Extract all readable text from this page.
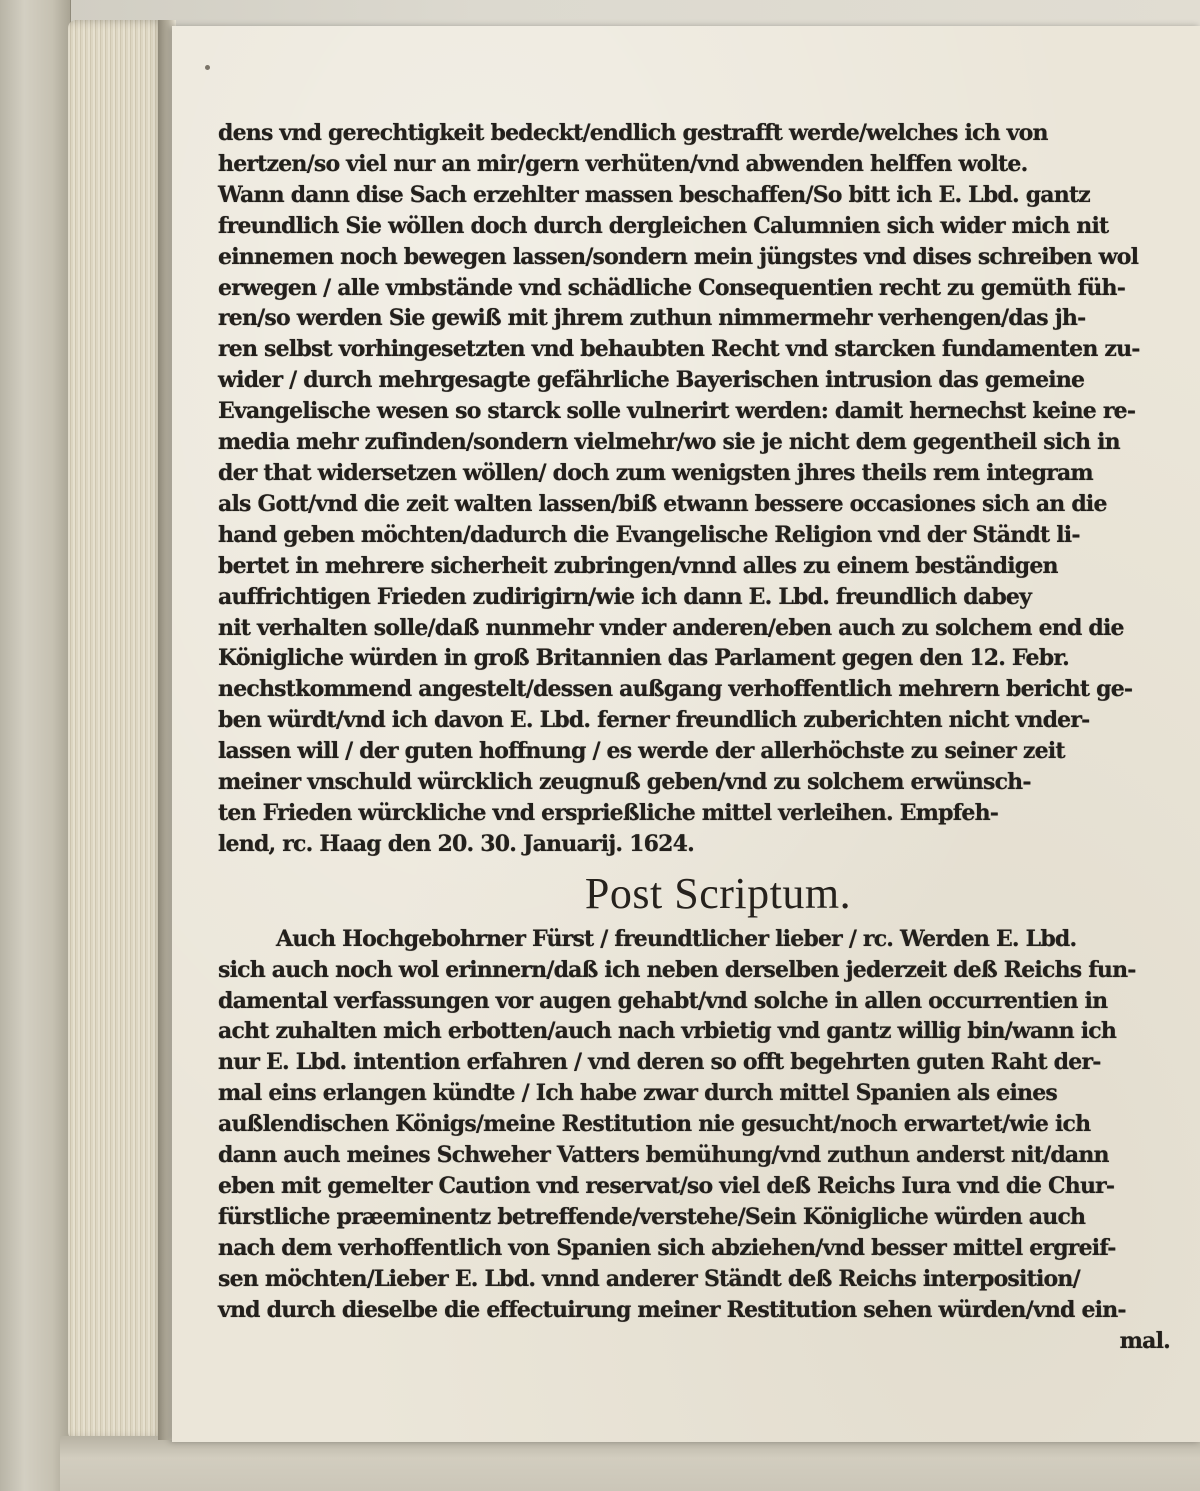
dens vnd gerechtigkeit bedeckt/endlich gestrafft werde/welches ich von
hertzen/so viel nur an mir/gern verhüten/vnd abwenden helffen wolte.
Wann dann dise Sach erzehlter massen beschaffen/So bitt ich E. Lbd. gantz
freundlich Sie wöllen doch durch dergleichen Calumnien sich wider mich nit
einnemen noch bewegen lassen/sondern mein jüngstes vnd dises schreiben wol
erwegen / alle vmbstände vnd schädliche Consequentien recht zu gemüth füh-
ren/so werden Sie gewiß mit jhrem zuthun nimmermehr verhengen/das jh-
ren selbst vorhingesetzten vnd behaubten Recht vnd starcken fundamenten zu-
wider / durch mehrgesagte gefährliche Bayerischen intrusion das gemeine
Evangelische wesen so starck solle vulnerirt werden: damit hernechst keine re-
media mehr zufinden/sondern vielmehr/wo sie je nicht dem gegentheil sich in
der that widersetzen wöllen/ doch zum wenigsten jhres theils rem integram
als Gott/vnd die zeit walten lassen/biß etwann bessere occasiones sich an die
hand geben möchten/dadurch die Evangelische Religion vnd der Ständt li-
bertet in mehrere sicherheit zubringen/vnnd alles zu einem beständigen
auffrichtigen Frieden zudirigirn/wie ich dann E. Lbd. freundlich dabey
nit verhalten solle/daß nunmehr vnder anderen/eben auch zu solchem end die
Königliche würden in groß Britannien das Parlament gegen den 12. Febr.
nechstkommend angestelt/dessen außgang verhoffentlich mehrern bericht ge-
ben würdt/vnd ich davon E. Lbd. ferner freundlich zuberichten nicht vnder-
lassen will / der guten hoffnung / es werde der allerhöchste zu seiner zeit
meiner vnschuld würcklich zeugnuß geben/vnd zu solchem erwünsch-
ten Frieden würckliche vnd ersprießliche mittel verleihen. Empfeh-
lend, rc. Haag den 20. 30. Januarij. 1624.
Post Scriptum.
Auch Hochgebohrner Fürst / freundtlicher lieber / rc. Werden E. Lbd.
sich auch noch wol erinnern/daß ich neben derselben jederzeit deß Reichs fun-
damental verfassungen vor augen gehabt/vnd solche in allen occurrentien in
acht zuhalten mich erbotten/auch nach vrbietig vnd gantz willig bin/wann ich
nur E. Lbd. intention erfahren / vnd deren so offt begehrten guten Raht der-
mal eins erlangen kündte / Ich habe zwar durch mittel Spanien als eines
außlendischen Königs/meine Restitution nie gesucht/noch erwartet/wie ich
dann auch meines Schweher Vatters bemühung/vnd zuthun anderst nit/dann
eben mit gemelter Caution vnd reservat/so viel deß Reichs Iura vnd die Chur-
fürstliche præeminentz betreffende/verstehe/Sein Königliche würden auch
nach dem verhoffentlich von Spanien sich abziehen/vnd besser mittel ergreif-
sen möchten/Lieber E. Lbd. vnnd anderer Ständt deß Reichs interposition/
vnd durch dieselbe die effectuirung meiner Restitution sehen würden/vnd ein-
mal.
